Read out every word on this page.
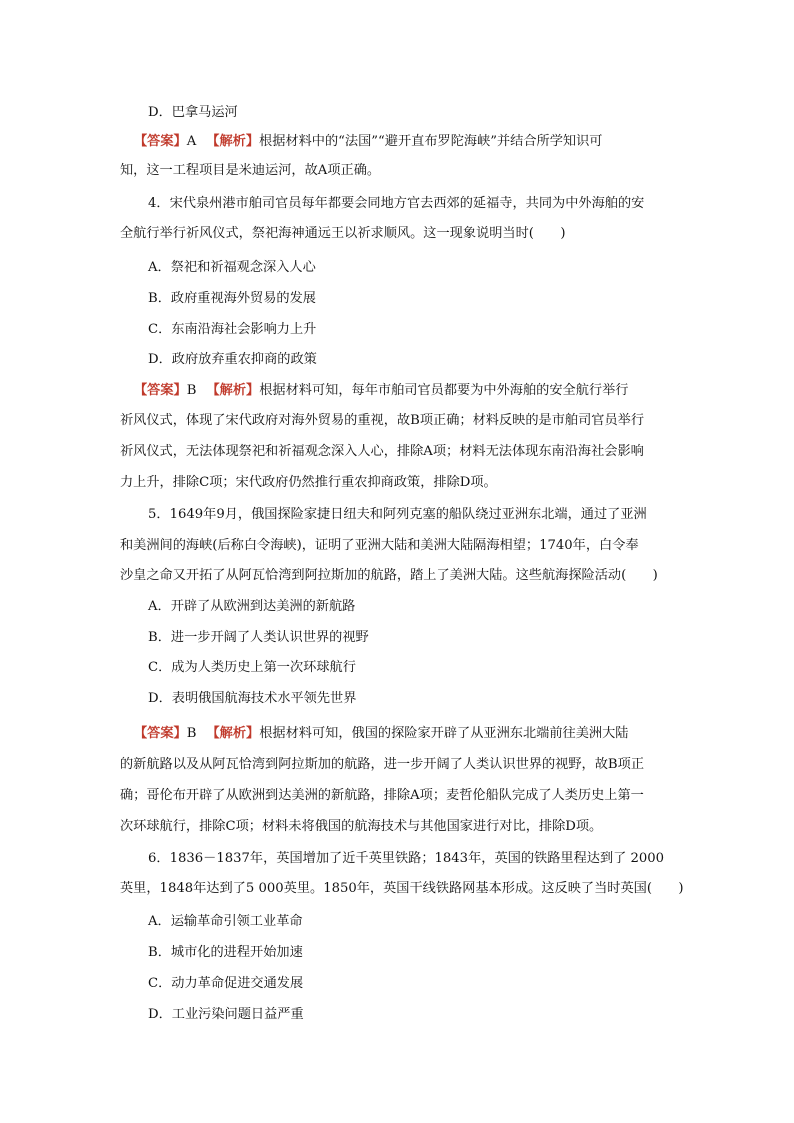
D．巴拿马运河
【答案】A 【解析】根据材料中的“法国”“避开直布罗陀海峡”并结合所学知识可
知，这一工程项目是米迪运河，故A项正确。
4．宋代泉州港市舶司官员每年都要会同地方官去西郊的延福寺，共同为中外海舶的安
全航行举行祈风仪式，祭祀海神通远王以祈求顺风。这一现象说明当时(　　)
A．祭祀和祈福观念深入人心
B．政府重视海外贸易的发展
C．东南沿海社会影响力上升
D．政府放弃重农抑商的政策
【答案】B 【解析】根据材料可知，每年市舶司官员都要为中外海舶的安全航行举行
祈风仪式，体现了宋代政府对海外贸易的重视，故B项正确；材料反映的是市舶司官员举行
祈风仪式，无法体现祭祀和祈福观念深入人心，排除A项；材料无法体现东南沿海社会影响
力上升，排除C项；宋代政府仍然推行重农抑商政策，排除D项。
5．1649年9月，俄国探险家捷日纽夫和阿列克塞的船队绕过亚洲东北端，通过了亚洲
和美洲间的海峡(后称白令海峡)，证明了亚洲大陆和美洲大陆隔海相望；1740年，白令奉
沙皇之命又开拓了从阿瓦恰湾到阿拉斯加的航路，踏上了美洲大陆。这些航海探险活动(　　)
A．开辟了从欧洲到达美洲的新航路
B．进一步开阔了人类认识世界的视野
C．成为人类历史上第一次环球航行
D．表明俄国航海技术水平领先世界
【答案】B 【解析】根据材料可知，俄国的探险家开辟了从亚洲东北端前往美洲大陆
的新航路以及从阿瓦恰湾到阿拉斯加的航路，进一步开阔了人类认识世界的视野，故B项正
确；哥伦布开辟了从欧洲到达美洲的新航路，排除A项；麦哲伦船队完成了人类历史上第一
次环球航行，排除C项；材料未将俄国的航海技术与其他国家进行对比，排除D项。
6．1836－1837年，英国增加了近千英里铁路；1843年，英国的铁路里程达到了 2000
英里，1848年达到了5 000英里。1850年，英国干线铁路网基本形成。这反映了当时英国(　　)
A．运输革命引领工业革命
B．城市化的进程开始加速
C．动力革命促进交通发展
D．工业污染问题日益严重
